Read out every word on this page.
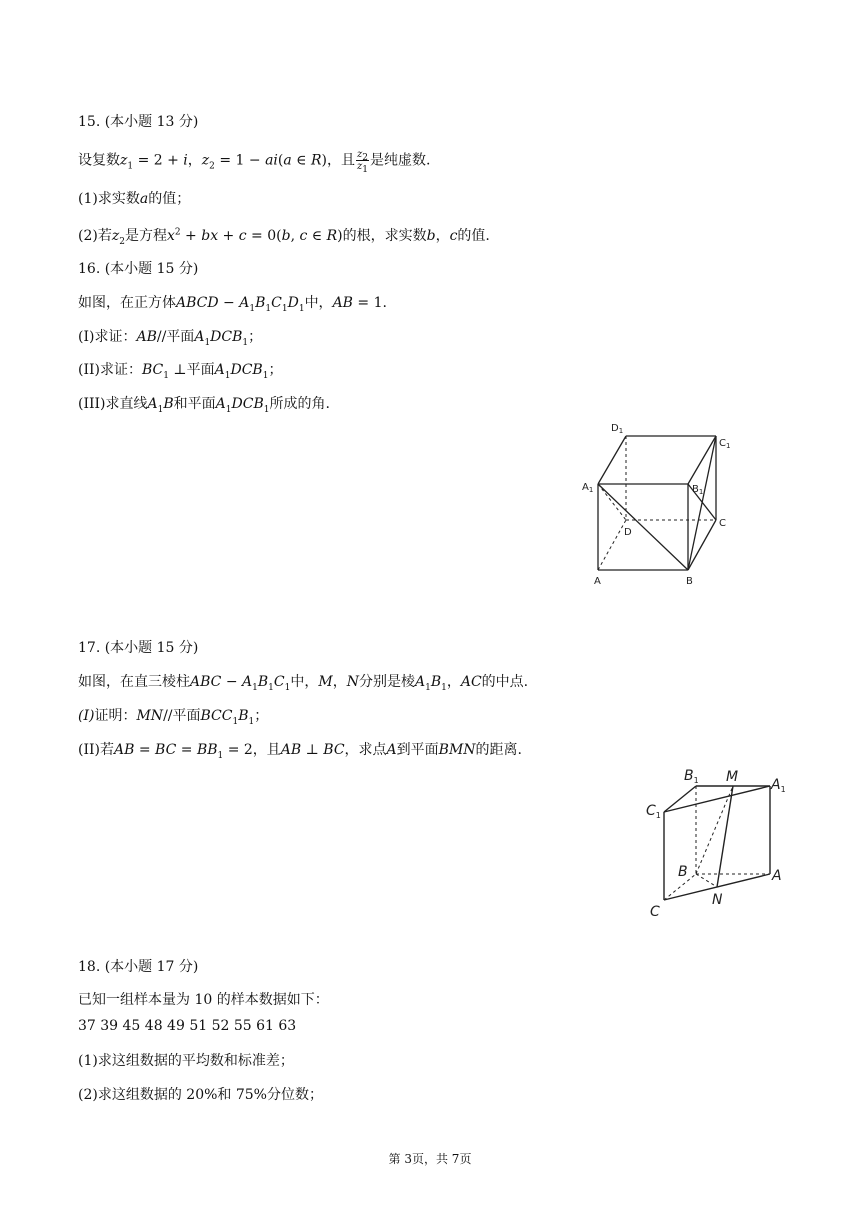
15. (本小题 13 分)
设复数$z_1 = 2 + i$，$z_2 = 1 - ai(a$ ∈ R)，且 $\frac{z_2}{z_1}$ 是纯虚数.
(1)求实数a的值；
(2)若$z_2$是方程$x^2$ + bx + c = 0(b, c ∈ R)的根，求实数b，c的值.
16. (本小题 15 分)
如图，在正方体ABCD − $A_1B_1C_1D_1$中，AB = 1.
(I)求证：AB//平面$A_1DCB_1$；
(II)求证：$BC_1$ ⊥平面$A_1DCB_1$；
(III)求直线$A_1B$和平面$A_1DCB_1$所成的角.
$D_1$
$C_1$
$A_1$	$B_1$
D
C
A	B
17. (本小题 15 分)
如图，在直三棱柱ABC − $A_1B_1C_1$中，M，N分别是棱$A_1B_1$，AC的中点.
(I)证明：MN//平面$BCC_1B_1$；
(II)若AB = BC = $BB_1 = 2$，且AB ⊥ BC，求点A到平面BMN的距离.
$B_1$ M $A_1$
$C_1$
B	A
C
N
18. (本小题 17 分)
已知一组样本量为 10 的样本数据如下：
37 39 45 48 49 51 52 55 61 63
(1)求这组数据的平均数和标准差；
(2)求这组数据的 20%和 75%分位数；
第 3页，共 7页
